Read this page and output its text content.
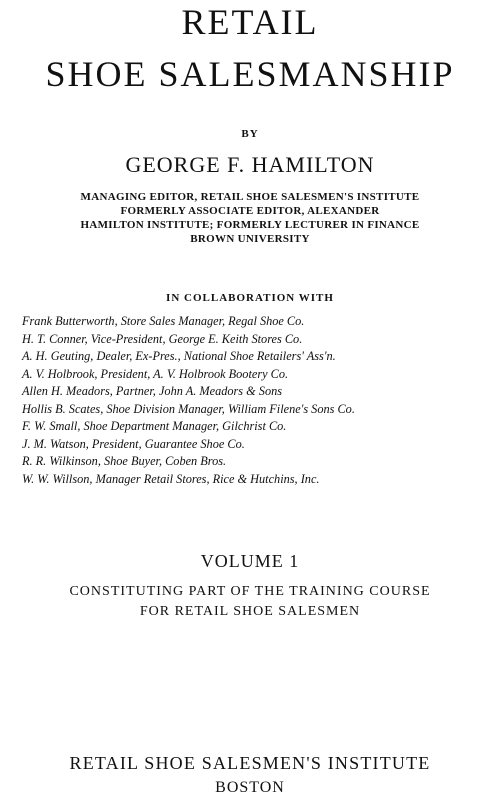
RETAIL
SHOE SALESMANSHIP
BY
GEORGE F. HAMILTON
MANAGING EDITOR, RETAIL SHOE SALESMEN'S INSTITUTE
FORMERLY ASSOCIATE EDITOR, ALEXANDER
HAMILTON INSTITUTE; FORMERLY LECTURER IN FINANCE
BROWN UNIVERSITY
IN COLLABORATION WITH
Frank Butterworth, Store Sales Manager, Regal Shoe Co.
H. T. Conner, Vice-President, George E. Keith Stores Co.
A. H. Geuting, Dealer, Ex-Pres., National Shoe Retailers' Ass'n.
A. V. Holbrook, President, A. V. Holbrook Bootery Co.
Allen H. Meadors, Partner, John A. Meadors & Sons
Hollis B. Scates, Shoe Division Manager, William Filene's Sons Co.
F. W. Small, Shoe Department Manager, Gilchrist Co.
J. M. Watson, President, Guarantee Shoe Co.
R. R. Wilkinson, Shoe Buyer, Coben Bros.
W. W. Willson, Manager Retail Stores, Rice & Hutchins, Inc.
VOLUME 1
CONSTITUTING PART OF THE TRAINING COURSE
FOR RETAIL SHOE SALESMEN
RETAIL SHOE SALESMEN'S INSTITUTE
BOSTON
